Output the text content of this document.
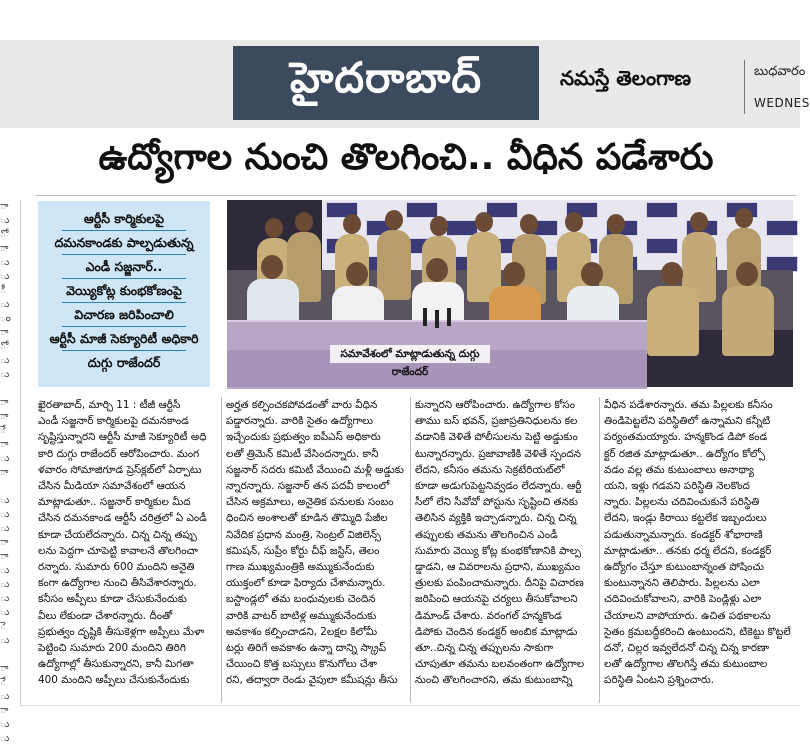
హైదరాబాద్	నమస్తే తెలంగాణ	బుధవారం
WEDNES
ఉద్యోగాల నుంచి తొలగించి.. వీధిన పడేశారు
ా
ు
ో
ా
ు
ు
ీ
ు
ం
ా
ో
ు
ు

ా
ా
ే
ా
ు
ా

ు
ు
ు
ా
ా
ు
ు
ు
ు
ె
ు

ా
ే
ు
ా
ు
ు
ఆర్టీసీ కార్మికులపై
దమనకాండకు పాల్పడుతున్న
ఎండీ సజ్జనార్..
వెయ్యికోట్ల కుంభకోణంపై
విచారణ జరిపించాలి
ఆర్టీసీ మాజీ సెక్యూరిటీ అధికారి
దుగ్గు రాజేందర్
సమావేశంలో మాట్లాడుతున్న దుగ్గు రాజేందర్
ఖైరతాబాద్, మార్చి 11 : టీజీ ఆర్టీసీ
ఎండీ సజ్జనార్ కార్మికులపై దమనకాండ
సృష్టిస్తున్నారని ఆర్టీసీ మాజీ సెక్యూరిటీ అధి
కారి దుగ్గు రాజేందర్ ఆరోపించారు. మంగ
ళవారం సోమాజిగూడ ప్రెస్‌క్లబ్‌లో ఏర్పాటు
చేసిన మీడియా సమావేశంలో ఆయన
మాట్లాడుతూ.. సజ్జనార్ కార్మికుల మీద
చేసిన దమనకాండ ఆర్టీసీ చరిత్రలో ఏ ఎండీ
కూడా చేయలేదన్నారు. చిన్న చిన్న తప్పు
లను పెద్దగా చూపెట్టి కావాలనే తొలగించా
రన్నారు. సుమారు 600 మందిని అనైతి
కంగా ఉద్యోగాల నుంచి తీసివేశారన్నారు.
కనీసం అప్పీలు కూడా చేసుకునేందుకు
వీలు లేకుండా చేశారన్నారు. దీంతో
ప్రభుత్వం దృష్టికి తీసుకెళ్లగా అప్పీలు మేళా
పెట్టించి సుమారు 200 మందిని తిరిగి
ఉద్యోగాల్లో తీసుకున్నారని, కానీ మిగతా
400 మందిని అప్పీలు చేసుకునేందుకు
అర్హత కల్పించకపోవడంతో వారు వీధిన
పడ్డారన్నారు. వారికి సైతం ఉద్యోగాలు
ఇచ్చేందుకు ప్రభుత్వం ఐపీఎస్ అధికారు
లతో త్రిమెన్ కమిటీ వేసిందన్నారు. కానీ
సజ్జనార్ సదరు కమిటీ వేయించి మళ్లీ అడ్డుకు
న్నారన్నారు. సజ్జనార్ తన పదవీ కాలంలో
చేసిన అక్రమాలు, అనైతిక పనులకు సంబం
ధించిన అంశాలతో కూడిన తొమ్మిది పేజీల
నివేదిక ప్రధాన మంత్రి, సెంట్రల్ విజిలెన్స్
కమిషన్, సుప్రీం కోర్టు చీఫ్ జస్టిస్, తెలం
గాణ ముఖ్యమంత్రికి అమ్ముకునేందుకు
యుక్తంలో కూడా ఫిర్యాదు చేశామన్నారు.
బస్టాండ్లలో తమ బంధువులకు చెందిన
వారికి వాటర్ బాటిళ్ల అమ్ముకునేందుకు
అవకాశం కల్పించాడని, 2లక్షల కిలోమీ
టర్లు తిరిగే అవకాశం ఉన్నా దాన్ని స్క్రాప్
చేయించి కొత్త బస్సులు కొనుగోలు చేశా
రని, తద్వారా రెండు వైపులా కమీషన్లు తీసు
కున్నారని ఆరోపించారు. ఉద్యోగాల కోసం
తాము బస్ భవన్, ప్రజాప్రతినిధులను కల
వడానికి వెళితే పోలీసులను పెట్టి అడ్డుకుం
టున్నారన్నారు. ప్రజావాణికి వెళితే స్పందన
లేదని, కనీసం తమను సెక్రటేరియట్‌లో
కూడా అడుగుపెట్టనివ్వడం లేదన్నారు. ఆర్టీ
సీలో లేని సీవోవో పోస్టును సృష్టించి తనకు
తెలిసిన వ్యక్తికి ఇచ్చాడన్నారు. చిన్న చిన్న
తప్పులకు తమను తొలగించిన ఎండీ
సుమారు వెయ్యి కోట్ల కుంభకోణానికి పాల్ప
డ్డాడని, ఆ వివరాలను ప్రధాని, ముఖ్యమం
త్రులకు పంపించామన్నారు. దీనిపై విచారణ
జరిపించి ఆయనపై చర్యలు తీసుకోవాలని
డిమాండ్ చేశారు. వరంగల్ హన్మకొండ
డిపోకు చెందిన కండక్టర్ అంబిక మాట్లాడు
తూ..చిన్న చిన్న తప్పులను సాకుగా
చూపుతూ తమను బలవంతంగా ఉద్యోగాల
నుంచి తొలగించారని, తమ కుటుంబాన్ని
వీధిన పడేశారన్నారు. తమ పిల్లలకు కనీసం
తిండిపెట్టలేని పరిస్థితిలో ఉన్నామని కన్నీటి
పర్యంతమయ్యారు. హన్మకొండ డిపో కండ
క్టర్ రజిత మాట్లాడుతూ.. ఉద్యోగం కోల్పో
వడం వల్ల తమ కుటుంబాలు అనాథ్యా
యని, ఇళ్లు గడవని పరిస్థితి నెలకొంద
న్నారు. పిల్లలను చదివించుకునే పరిస్థితి
లేదని, ఇండ్లు కిరాయి కట్టలేక ఇబ్బందులు
పడుతున్నామన్నారు. కండక్టర్ శోభారాణి
మాట్లాడుతూ.. తనకు ధర్మ లేదని, కండక్టర్
ఉద్యోగం చేస్తూ కుటుంబాన్నంత పోషించు
కుంటున్నానని తెలిపారు. పిల్లలను ఎలా
చదివించుకోవాలని, వారికి పెండ్లిళ్లు ఎలా
చేయాలని వాపోయారు. ఉచిత పథకాలను
సైతం క్రమబద్ధీకరించి ఉంటుందని, టికెట్టు కొట్టలే
దనో, చిల్లర ఇవ్వలేదనో చిన్న చిన్న కారణా
లతో ఉద్యోగాల తొలగిస్తే తమ కుటుంబాల
పరిస్థితి ఏంటని ప్రశ్నించారు.
